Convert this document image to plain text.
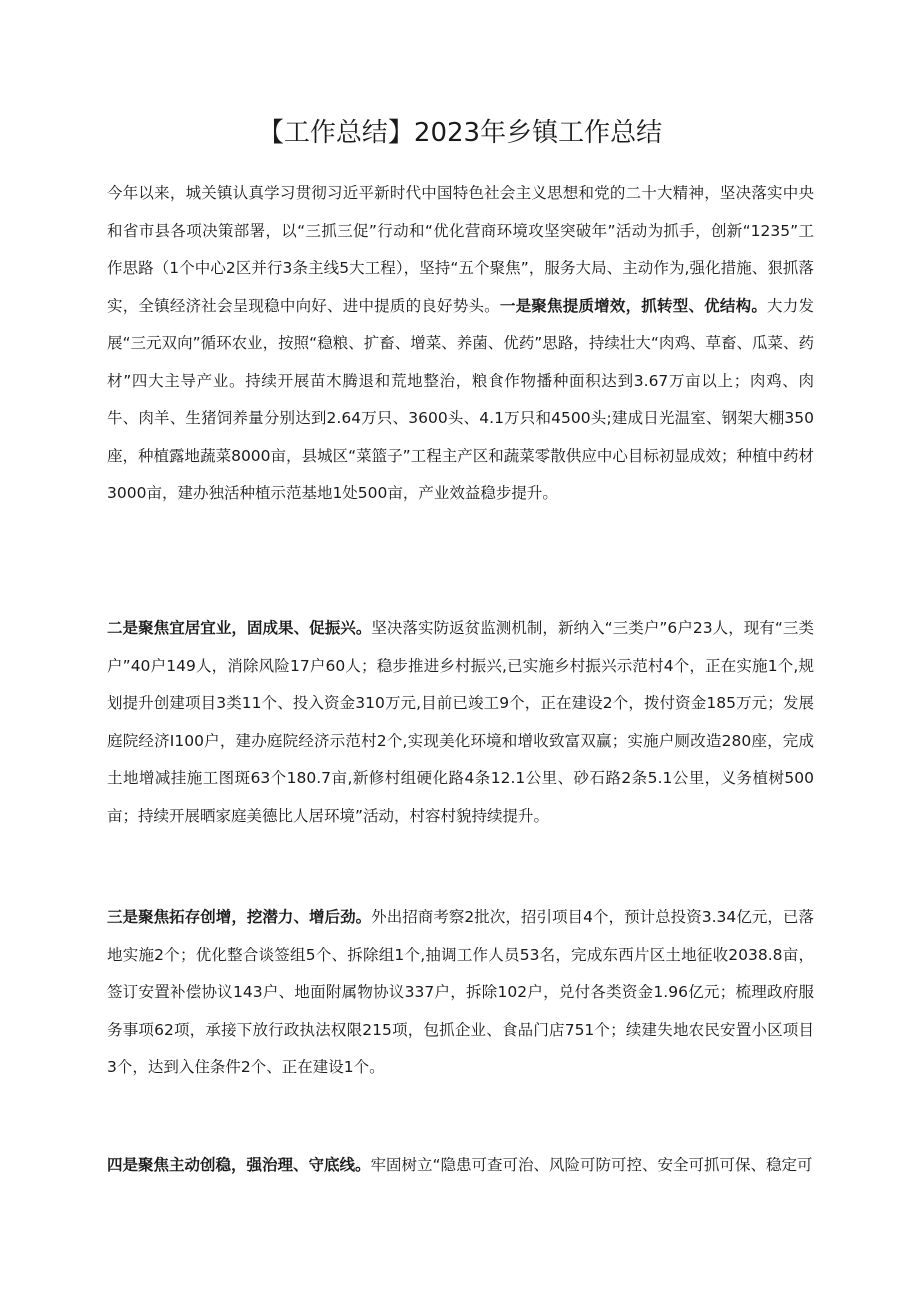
【工作总结】2023年乡镇工作总结

今年以来，城关镇认真学习贯彻习近平新时代中国特色社会主义思想和党的二十大精神，坚决落实中央和省市县各项决策部署，以“三抓三促”行动和“优化营商环境攻坚突破年”活动为抓手，创新“1235”工作思路（1个中心2区并行3条主线5大工程），坚持“五个聚焦”，服务大局、主动作为,强化措施、狠抓落实，全镇经济社会呈现稳中向好、进中提质的良好势头。一是聚焦提质增效，抓转型、优结构。大力发展“三元双向”循环农业，按照“稳粮、扩畜、增菜、养菌、优药”思路，持续壮大“肉鸡、草畜、瓜菜、药材”四大主导产业。持续开展苗木腾退和荒地整治，粮食作物播种面积达到3.67万亩以上；肉鸡、肉牛、肉羊、生猪饲养量分别达到2.64万只、3600头、4.1万只和4500头;建成日光温室、钢架大棚350座，种植露地蔬菜8000亩，县城区“菜篮子”工程主产区和蔬菜零散供应中心目标初显成效；种植中药材3000亩，建办独活种植示范基地1处500亩，产业效益稳步提升。

二是聚焦宜居宜业，固成果、促振兴。坚决落实防返贫监测机制，新纳入“三类户”6户23人，现有“三类户”40户149人，消除风险17户60人；稳步推进乡村振兴,已实施乡村振兴示范村4个，正在实施1个,规划提升创建项目3类11个、投入资金310万元,目前已竣工9个，正在建设2个，拨付资金185万元；发展庭院经济I100户，建办庭院经济示范村2个,实现美化环境和增收致富双赢；实施户厕改造280座，完成土地增减挂施工图斑63个180.7亩,新修村组硬化路4条12.1公里、砂石路2条5.1公里，义务植树500亩；持续开展晒家庭美德比人居环境”活动，村容村貌持续提升。

三是聚焦拓存创增，挖潜力、增后劲。外出招商考察2批次，招引项目4个，预计总投资3.34亿元，已落地实施2个；优化整合谈签组5个、拆除组1个,抽调工作人员53名，完成东西片区土地征收2038.8亩，签订安置补偿协议143户、地面附属物协议337户，拆除102户，兑付各类资金1.96亿元；梳理政府服务事项62项，承接下放行政执法权限215项，包抓企业、食品门店751个；续建失地农民安置小区项目3个，达到入住条件2个、正在建设1个。

四是聚焦主动创稳，强治理、守底线。牢固树立“隐患可查可治、风险可防可控、安全可抓可保、稳定可
